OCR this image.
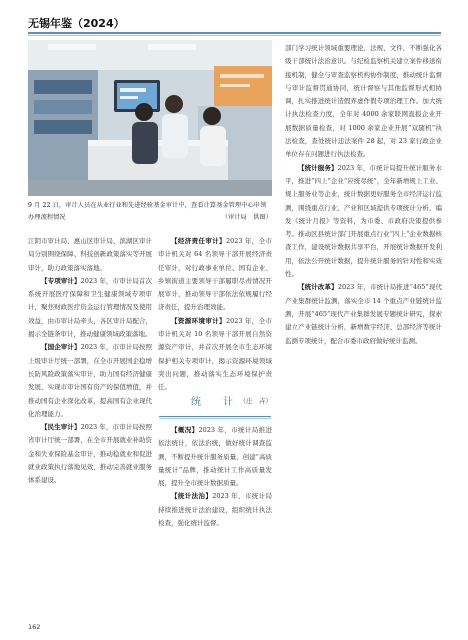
无锡年鉴（2024）
9 月 22 日，审计人员在从业行业和先进经验基金审计中，查看计算基金管理中心申领办理流程情况	（审计局　供图）

江阴市审计局、惠山区审计局、滨湖区审计局分别围绕保障、科技创新政策落实等开展审计，助力政策落实落地。

【专项审计】2023 年，市审计局首次系统开展医疗保障和卫生健康领域专项审计，聚焦财政医疗资金运行管理情况及使用效益，由市审计局牵头，各区审计局配合，揭示全链条审计，推动健康领域政策落地。

【国企审计】2023 年，市审计局按照上级审计厅统一部署，在全市开展国企稳增长防风险政策落实审计，助力国有经济健康发展，实现市审计国有资产的保值增值，并推动国有企业深化改革，提高国有企业现代化治理能力。

【民生审计】2023 年，市审计局按照省审计厅统一部署，在全市开展就业补助资金和失业保险基金审计，推动稳就业和促进就业政策执行落地见效，推动完善就业服务体系建设。

【经济责任审计】2023 年，全市审计机关对 64 名领导干部开展经济责任审计，对行政事业单位、国有企业、乡镇街道主要领导干部履职尽责情况开展审计，推动领导干部依法依规履行经济责任，提升治理效能。

【资源环境审计】2023 年，全市审计机关对 10 名领导干部开展自然资源资产审计，并首次开展全市生态环境保护相关专项审计，揭示资源环境领域突出问题，推动落实生态环境保护责任。

（庄　卉）

统　计

【概况】2023 年，市统计局推进依法统计，依法治统，做好统计调查监测，不断提升统计服务质量，创建“高质量统计”品牌，推动统计工作高质量发展，提升全市统计数据质量。

【统计法治】2023 年，市统计局持续推进统计法治建设，组织统计执法检查，强化统计监督。

部门学习统计领域重要理论、法规、文件，不断强化各级干部统计法治意识。与纪检监察机关建立案件移送衔接机制，健全与审查监察机构协作制度，推动统计监督与审计监督贯通协同，统计督察与其他监督形式相协调，扎实推进统计造假弄虚作假专项治理工作。加大统计执法检查力度，全年对 4000 余家联网直报企业开展数据质量检查，对 1000 余家企业开展“双随机”执法检查，查处统计违法案件 28 起，对 23 家行政企业单位存在问题进行执法检查。

【统计服务】2023 年，市统计局提升统计服务水平，推进“四上”企业“应统尽统”，全年新增规上工业、规上服务业等企业，统计数据更好服务全市经济运行监测，围绕重点行业、产业和区域提供专项统计分析，编发《统计月报》等资料，为市委、市政府决策提供参考。推动区县统计部门开展重点行业“四上”企业数据核查工作，建设统计数据共享平台，开展统计数据开发利用，依法公开统计数据，提升统计服务的针对性和实效性。

【统计改革】2023 年，市统计局推进“465”现代产业集群统计监测，落实全市 14 个重点产业链统计监测，开展“465”现代产业集群发展专题统计研究，探索建立产业链统计分析，新增数字经济、总部经济等统计监测专项统计，配合市委市政府做好统计监测。

162
